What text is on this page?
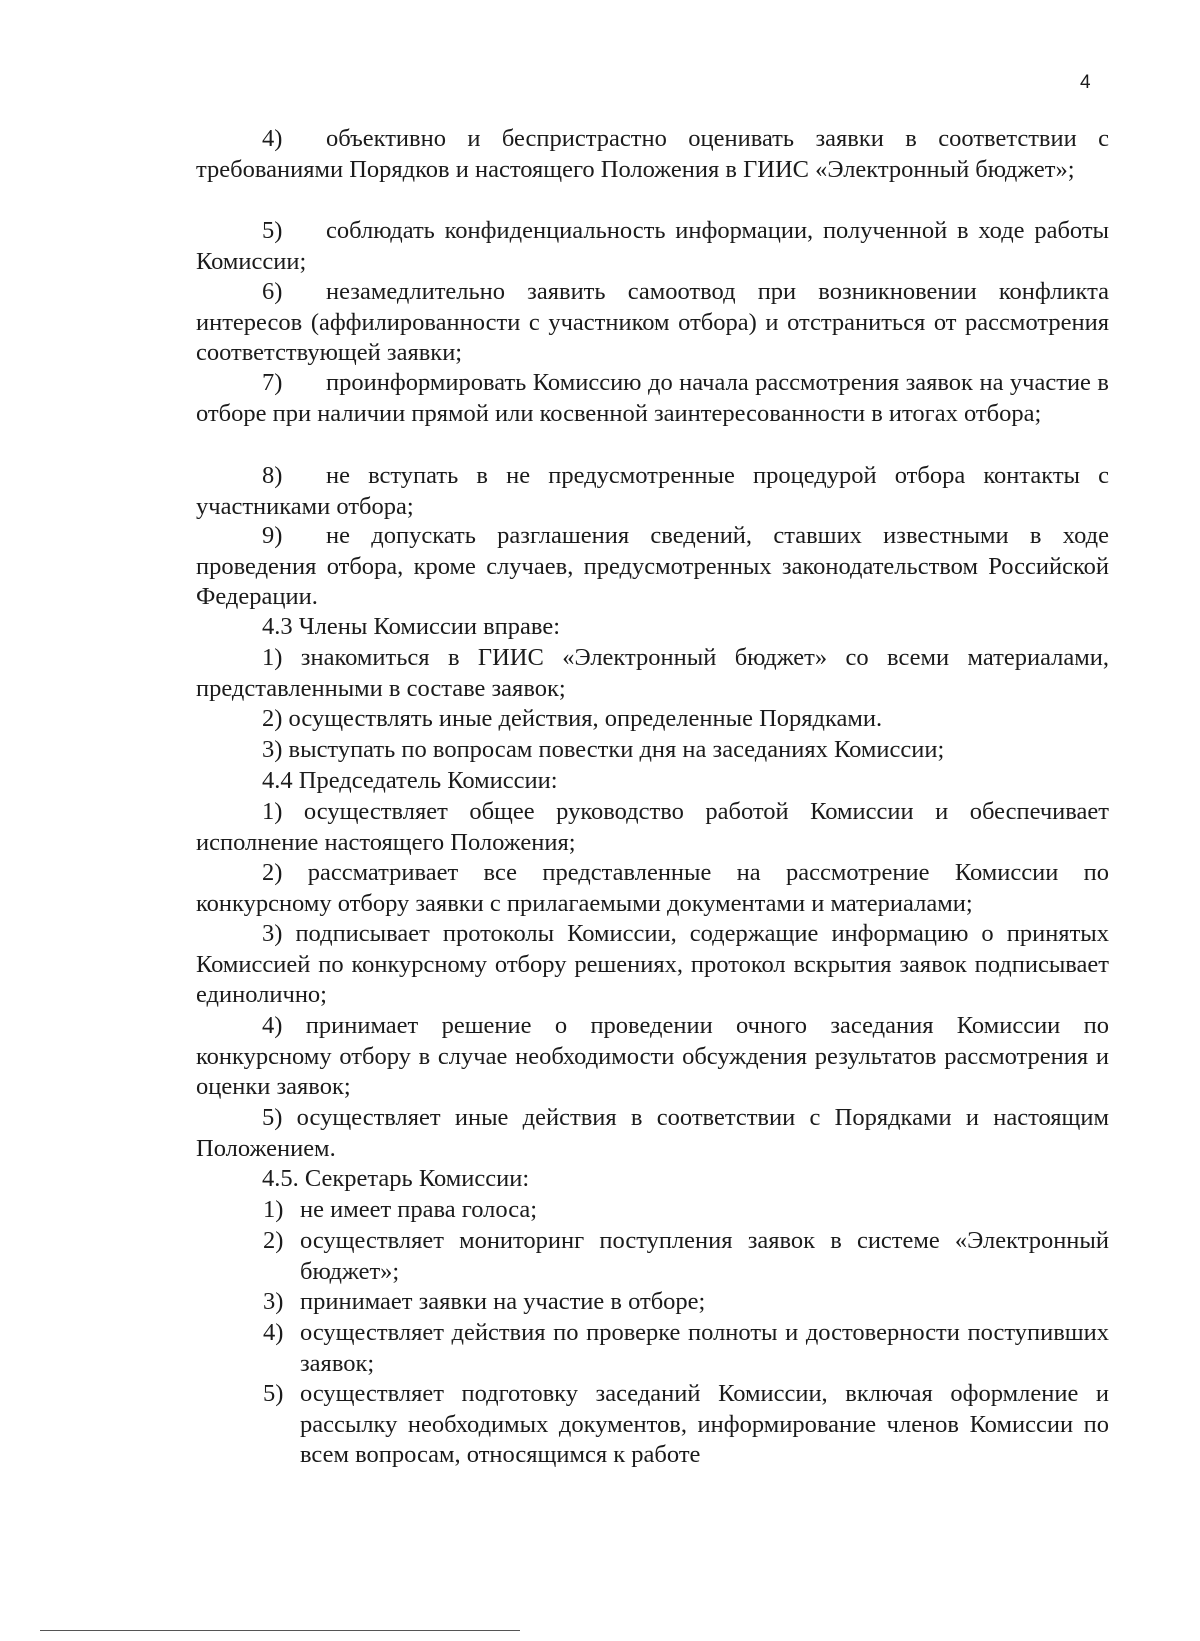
4
4) объективно и беспристрастно оценивать заявки в соответствии с требованиями Порядков и настоящего Положения в ГИИС «Электронный бюджет»;
5) соблюдать конфиденциальность информации, полученной в ходе работы Комиссии;
6) незамедлительно заявить самоотвод при возникновении конфликта интересов (аффилированности с участником отбора) и отстраниться от рассмотрения соответствующей заявки;
7) проинформировать Комиссию до начала рассмотрения заявок на участие в отборе при наличии прямой или косвенной заинтересованности в итогах отбора;
8) не вступать в не предусмотренные процедурой отбора контакты с участниками отбора;
9) не допускать разглашения сведений, ставших известными в ходе проведения отбора, кроме случаев, предусмотренных законодательством Российской Федерации.
4.3 Члены Комиссии вправе:
1) знакомиться в ГИИС «Электронный бюджет» со всеми материалами, представленными в составе заявок;
2) осуществлять иные действия, определенные Порядками.
3) выступать по вопросам повестки дня на заседаниях Комиссии;
4.4 Председатель Комиссии:
1) осуществляет общее руководство работой Комиссии и обеспечивает исполнение настоящего Положения;
2) рассматривает все представленные на рассмотрение Комиссии по конкурсному отбору заявки с прилагаемыми документами и материалами;
3) подписывает протоколы Комиссии, содержащие информацию о принятых Комиссией по конкурсному отбору решениях, протокол вскрытия заявок подписывает единолично;
4) принимает решение о проведении очного заседания Комиссии по конкурсному отбору в случае необходимости обсуждения результатов рассмотрения и оценки заявок;
5) осуществляет иные действия в соответствии с Порядками и настоящим Положением.
4.5. Секретарь Комиссии:
1) не имеет права голоса;
2) осуществляет мониторинг поступления заявок в системе «Электронный бюджет»;
3) принимает заявки на участие в отборе;
4) осуществляет действия по проверке полноты и достоверности поступивших заявок;
5) осуществляет подготовку заседаний Комиссии, включая оформление и рассылку необходимых документов, информирование членов Комиссии по всем вопросам, относящимся к работе
